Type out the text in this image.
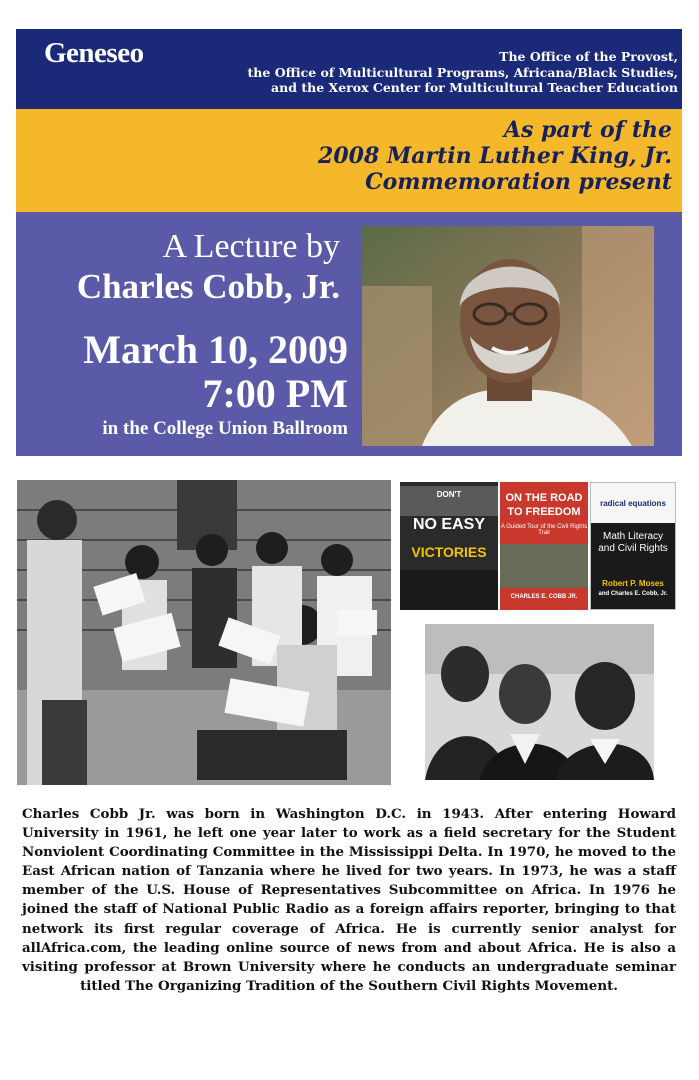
Geneseo	The Office of the Provost,
the Office of Multicultural Programs, Africana/Black Studies,
and the Xerox Center for Multicultural Teacher Education
As part of the
2008 Martin Luther King, Jr.
Commemoration present
A Lecture by
Charles Cobb, Jr.
March 10, 2009
7:00 PM
in the College Union Ballroom
DON'T
NO EASY
VICTORIES
ON THE ROAD
TO FREEDOM
A Guided Tour of the Civil Rights Trail
CHARLES E. COBB JR.
radical equations
Math Literacy and Civil Rights
Robert P. Moses
and Charles E. Cobb, Jr.
Charles Cobb Jr. was born in Washington D.C. in 1943. After entering Howard University in 1961, he left one year later to work as a field secretary for the Student Nonviolent Coordinating Committee in the Mississippi Delta. In 1970, he moved to the East African nation of Tanzania where he lived for two years. In 1973, he was a staff member of the U.S. House of Representatives Subcommittee on Africa. In 1976 he joined the staff of National Public Radio as a foreign affairs reporter, bringing to that network its first regular coverage of Africa. He is currently senior analyst for allAfrica.com, the leading online source of news from and about Africa. He is also a visiting professor at Brown University where he conducts an undergraduate seminar titled The Organizing Tradition of the Southern Civil Rights Movement.
